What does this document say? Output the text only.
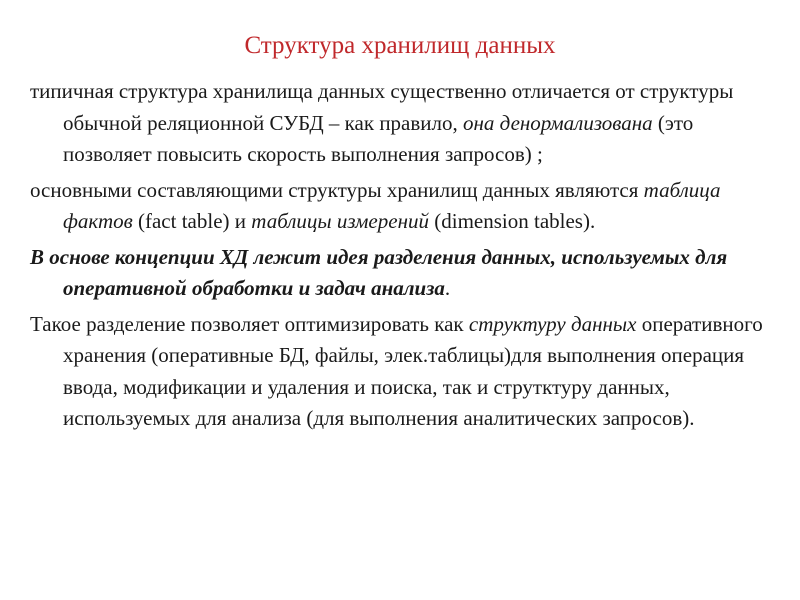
Структура хранилищ данных

типичная структура хранилища данных существенно отличается от структуры обычной реляционной СУБД – как правило, она денормализована (это позволяет повысить скорость выполнения запросов) ;

основными составляющими структуры хранилищ данных являются таблица фактов (fact table) и таблицы измерений (dimension tables).

В основе концепции ХД лежит идея разделения данных, используемых для оперативной обработки и задач анализа.

Такое разделение позволяет оптимизировать как структуру данных оперативного хранения (оперативные БД, файлы, элек.таблицы)для выполнения операция ввода, модификации и удаления и поиска, так и струтктуру данных, используемых для анализа (для выполнения аналитических запросов).
